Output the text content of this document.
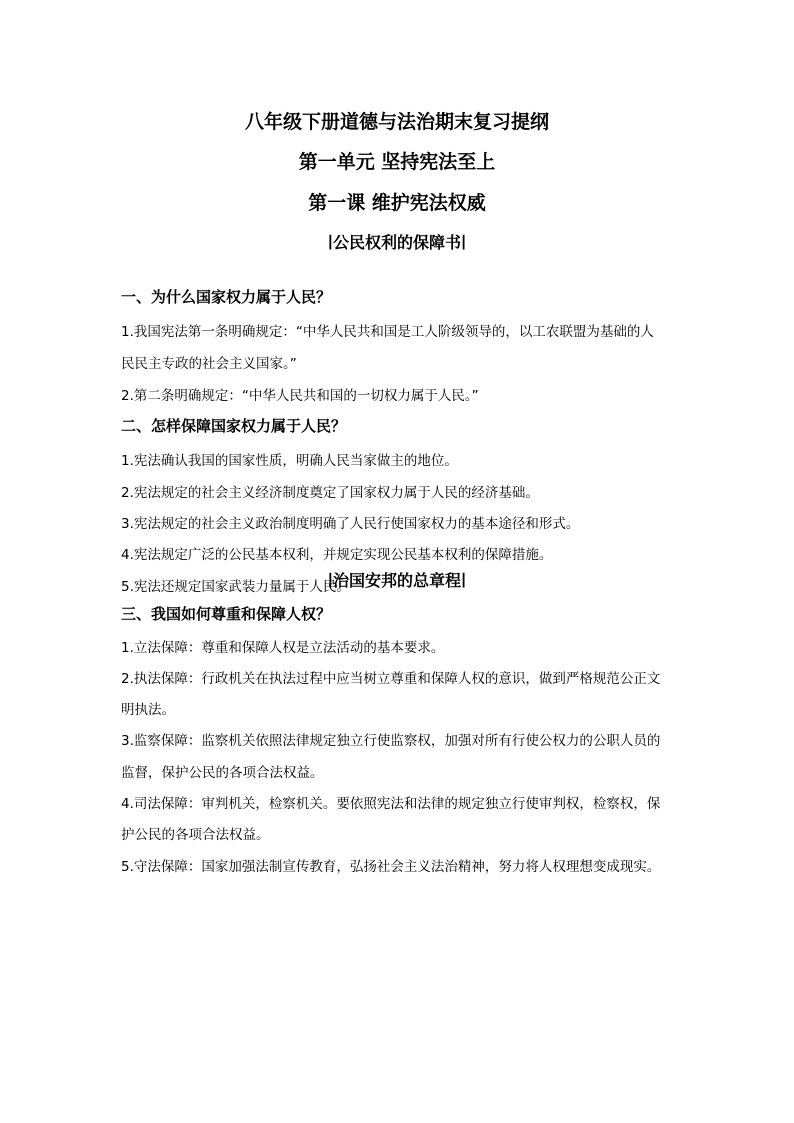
八年级下册道德与法治期末复习提纲
第一单元 坚持宪法至上
第一课 维护宪法权威
∣公民权利的保障书∣
一、为什么国家权力属于人民？
1.我国宪法第一条明确规定：“中华人民共和国是工人阶级领导的，以工农联盟为基础的人
民民主专政的社会主义国家。”
2.第二条明确规定：“中华人民共和国的一切权力属于人民。”
二、怎样保障国家权力属于人民？
1.宪法确认我国的国家性质，明确人民当家做主的地位。
2.宪法规定的社会主义经济制度奠定了国家权力属于人民的经济基础。
3.宪法规定的社会主义政治制度明确了人民行使国家权力的基本途径和形式。
4.宪法规定广泛的公民基本权利，并规定实现公民基本权利的保障措施。
5.宪法还规定国家武装力量属于人民。
∣治国安邦的总章程∣
三、我国如何尊重和保障人权？
1.立法保障：尊重和保障人权是立法活动的基本要求。
2.执法保障：行政机关在执法过程中应当树立尊重和保障人权的意识，做到严格规范公正文
明执法。
3.监察保障：监察机关依照法律规定独立行使监察权，加强对所有行使公权力的公职人员的
监督，保护公民的各项合法权益。
4.司法保障：审判机关，检察机关。要依照宪法和法律的规定独立行使审判权，检察权，保
护公民的各项合法权益。
5.守法保障：国家加强法制宣传教育，弘扬社会主义法治精神，努力将人权理想变成现实。
